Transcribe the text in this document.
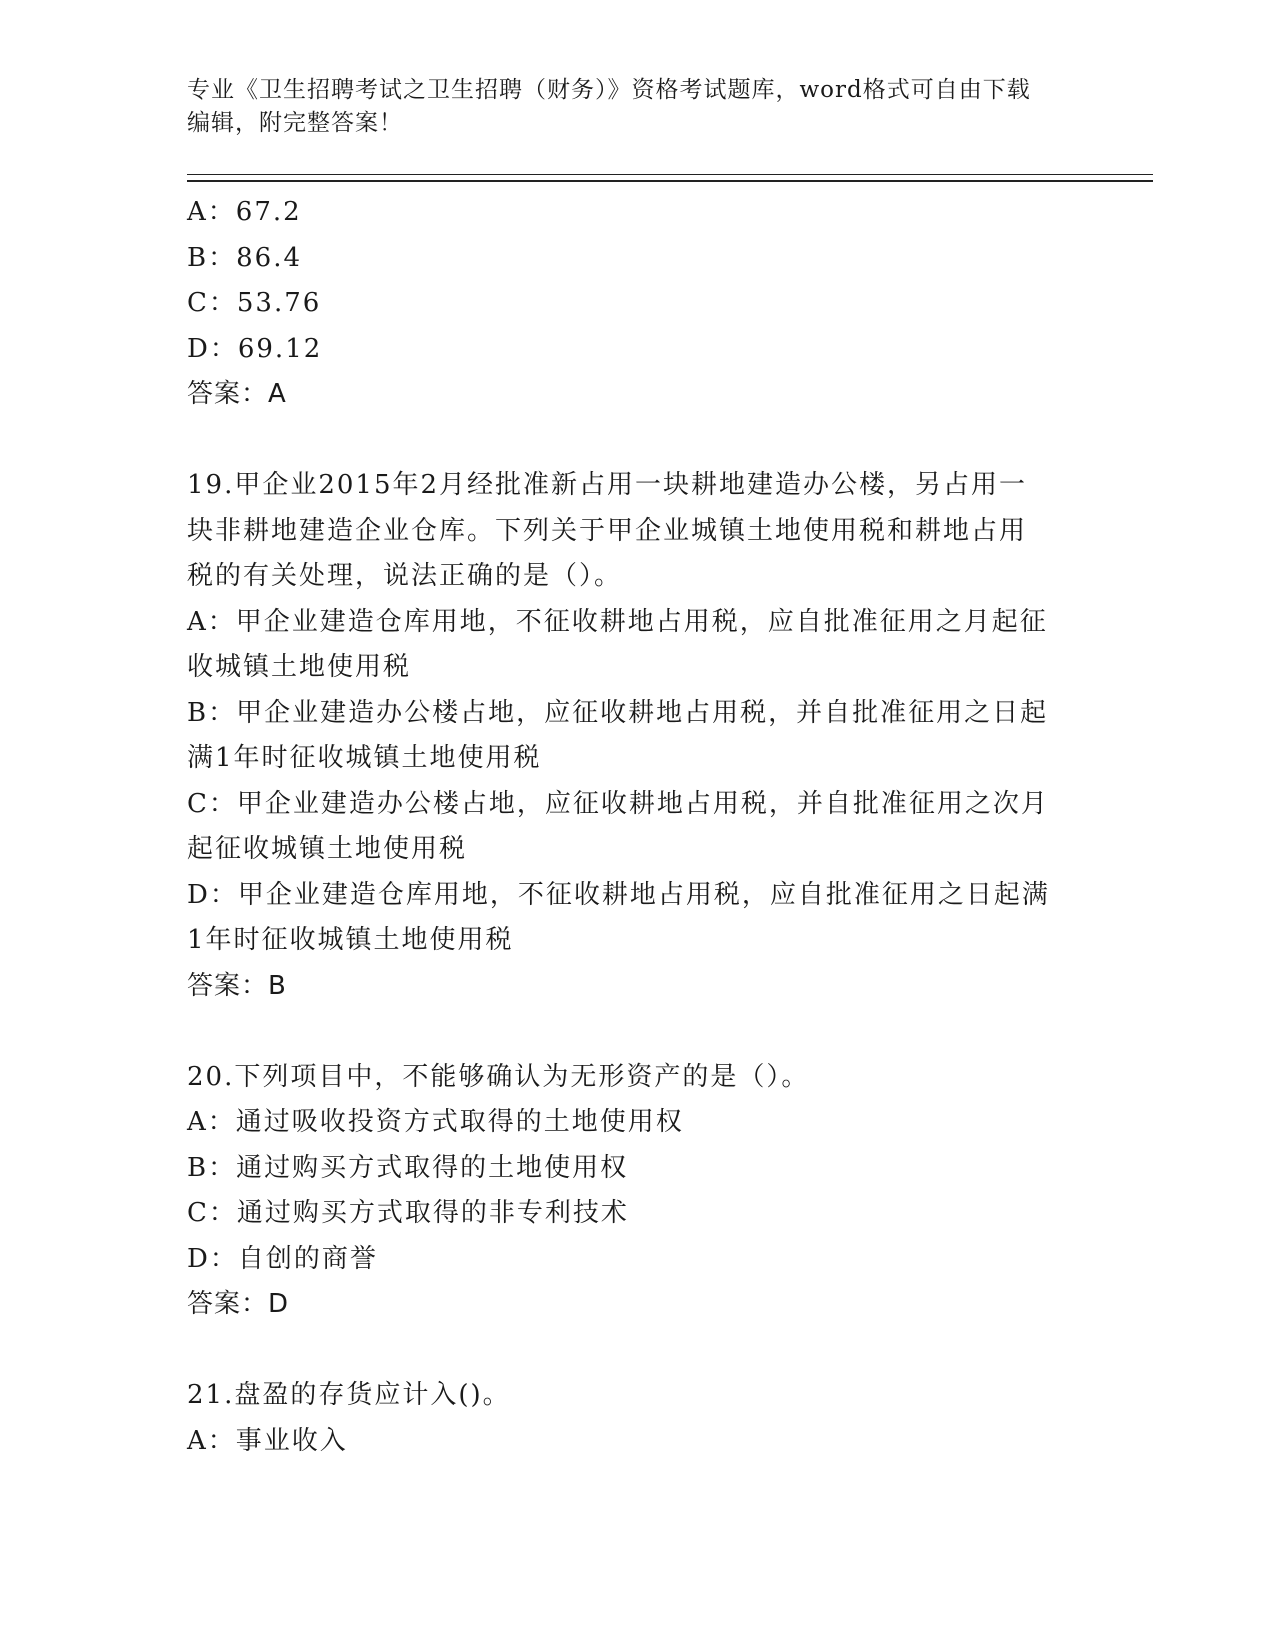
专业《卫生招聘考试之卫生招聘（财务）》资格考试题库，word格式可自由下载
编辑，附完整答案！
A：67.2
B：86.4
C：53.76
D：69.12
答案：A
19.甲企业2015年2月经批准新占用一块耕地建造办公楼，另占用一
块非耕地建造企业仓库。下列关于甲企业城镇土地使用税和耕地占用
税的有关处理，说法正确的是（）。
A：甲企业建造仓库用地，不征收耕地占用税，应自批准征用之月起征
收城镇土地使用税
B：甲企业建造办公楼占地，应征收耕地占用税，并自批准征用之日起
满1年时征收城镇土地使用税
C：甲企业建造办公楼占地，应征收耕地占用税，并自批准征用之次月
起征收城镇土地使用税
D：甲企业建造仓库用地，不征收耕地占用税，应自批准征用之日起满
1年时征收城镇土地使用税
答案：B
20.下列项目中，不能够确认为无形资产的是（）。
A：通过吸收投资方式取得的土地使用权
B：通过购买方式取得的土地使用权
C：通过购买方式取得的非专利技术
D：自创的商誉
答案：D
21.盘盈的存货应计入()。
A：事业收入
